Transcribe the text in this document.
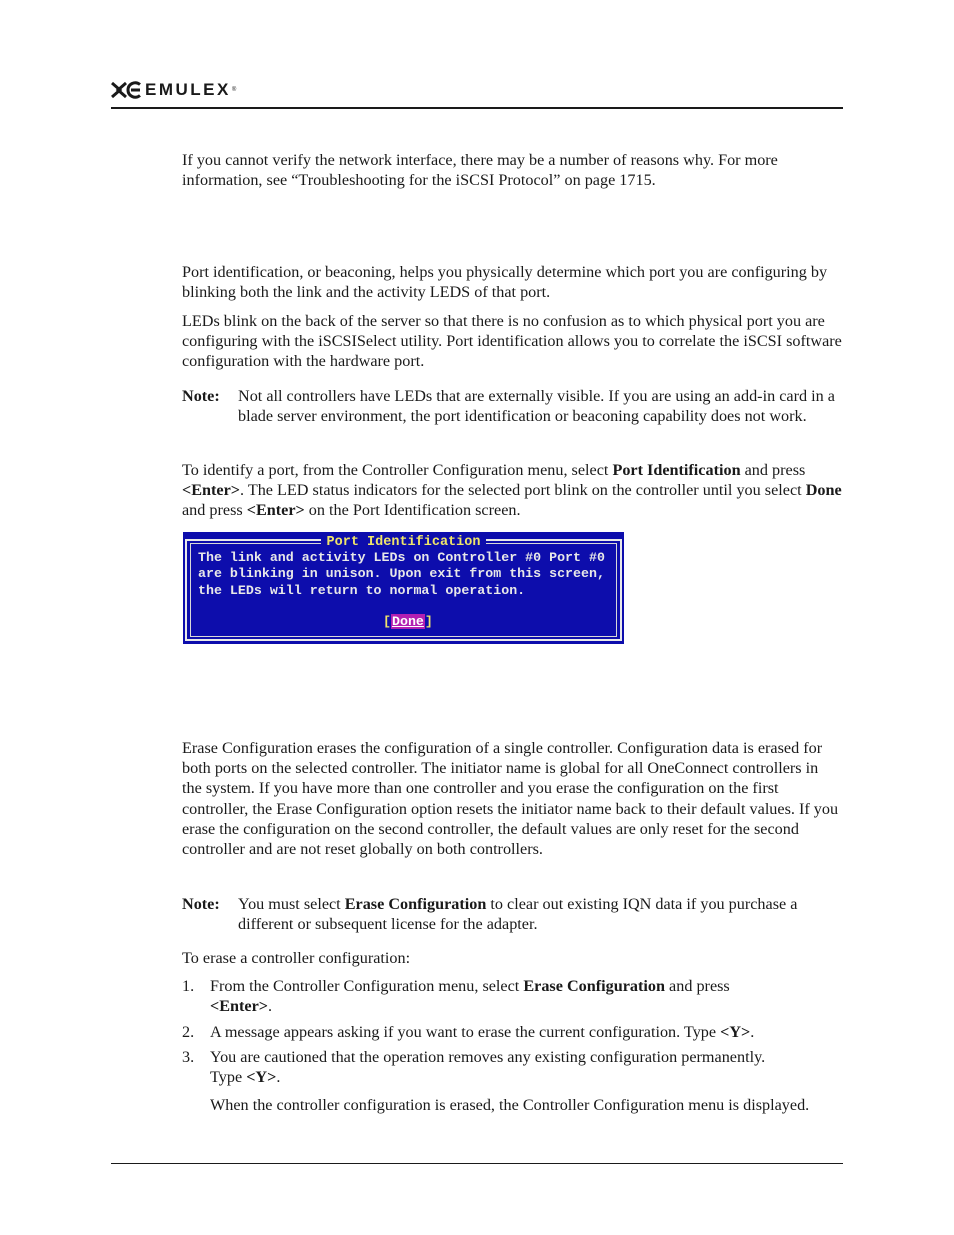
EMULEX ®

If you cannot verify the network interface, there may be a number of reasons why. For more information, see “Troubleshooting for the iSCSI Protocol” on page 1715.

Port identification, or beaconing, helps you physically determine which port you are configuring by blinking both the link and the activity LEDS of that port.

LEDs blink on the back of the server so that there is no confusion as to which physical port you are configuring with the iSCSISelect utility. Port identification allows you to correlate the iSCSI software configuration with the hardware port.

Note: Not all controllers have LEDs that are externally visible. If you are using an add-in card in a blade server environment, the port identification or beaconing capability does not work.

To identify a port, from the Controller Configuration menu, select Port Identification and press <Enter>. The LED status indicators for the selected port blink on the controller until you select Done and press <Enter> on the Port Identification screen.

Port Identification
The link and activity LEDs on Controller #0 Port #0
are blinking in unison. Upon exit from this screen,
the LEDs will return to normal operation.
[Done]

Erase Configuration erases the configuration of a single controller. Configuration data is erased for both ports on the selected controller. The initiator name is global for all OneConnect controllers in the system. If you have more than one controller and you erase the configuration on the first controller, the Erase Configuration option resets the initiator name back to their default values. If you erase the configuration on the second controller, the default values are only reset for the second controller and are not reset globally on both controllers.

Note: You must select Erase Configuration to clear out existing IQN data if you purchase a different or subsequent license for the adapter.

To erase a controller configuration:

1. From the Controller Configuration menu, select Erase Configuration and press
<Enter>.
2. A message appears asking if you want to erase the current configuration. Type <Y>.
3. You are cautioned that the operation removes any existing configuration permanently. Type <Y>.

When the controller configuration is erased, the Controller Configuration menu is displayed.
